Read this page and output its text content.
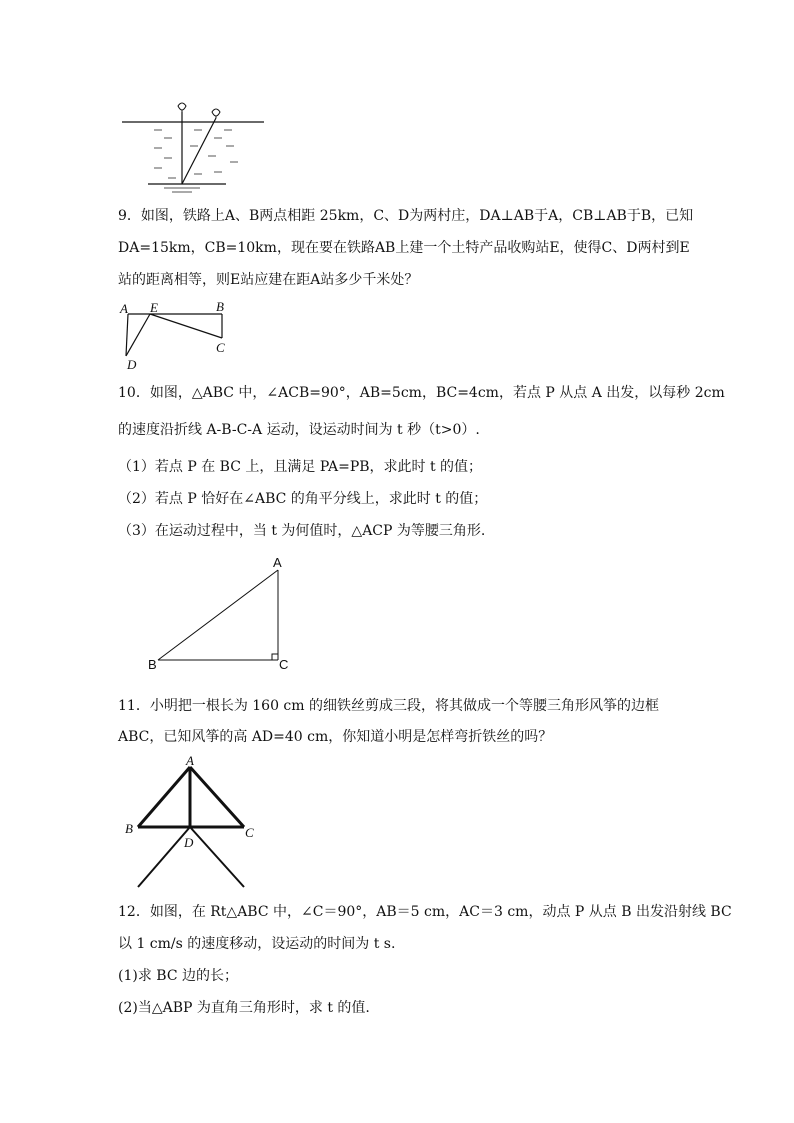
9．如图，铁路上A、B两点相距 25km，C、D为两村庄，DA⊥AB于A，CB⊥AB于B，已知
DA=15km，CB=10km，现在要在铁路AB上建一个土特产品收购站E，使得C、D两村到E
站的距离相等，则E站应建在距A站多少千米处？
A E	B
C
D
10．如图，△ABC 中，∠ACB=90°，AB=5cm，BC=4cm，若点 P 从点 A 出发，以每秒 2cm
的速度沿折线 A-B-C-A 运动，设运动时间为 t 秒（t>0）.
（1）若点 P 在 BC 上，且满足 PA=PB，求此时 t 的值；
（2）若点 P 恰好在∠ABC 的角平分线上，求此时 t 的值；
（3）在运动过程中，当 t 为何值时，△ACP 为等腰三角形.
A
B	C
11．小明把一根长为 160 cm 的细铁丝剪成三段，将其做成一个等腰三角形风筝的边框
ABC，已知风筝的高 AD=40 cm，你知道小明是怎样弯折铁丝的吗？
A
B	C
D
12．如图，在 Rt△ABC 中，∠C＝90°，AB＝5 cm，AC＝3 cm，动点 P 从点 B 出发沿射线 BC
以 1 cm/s 的速度移动，设运动的时间为 t s.
(1)求 BC 边的长；
(2)当△ABP 为直角三角形时，求 t 的值.
